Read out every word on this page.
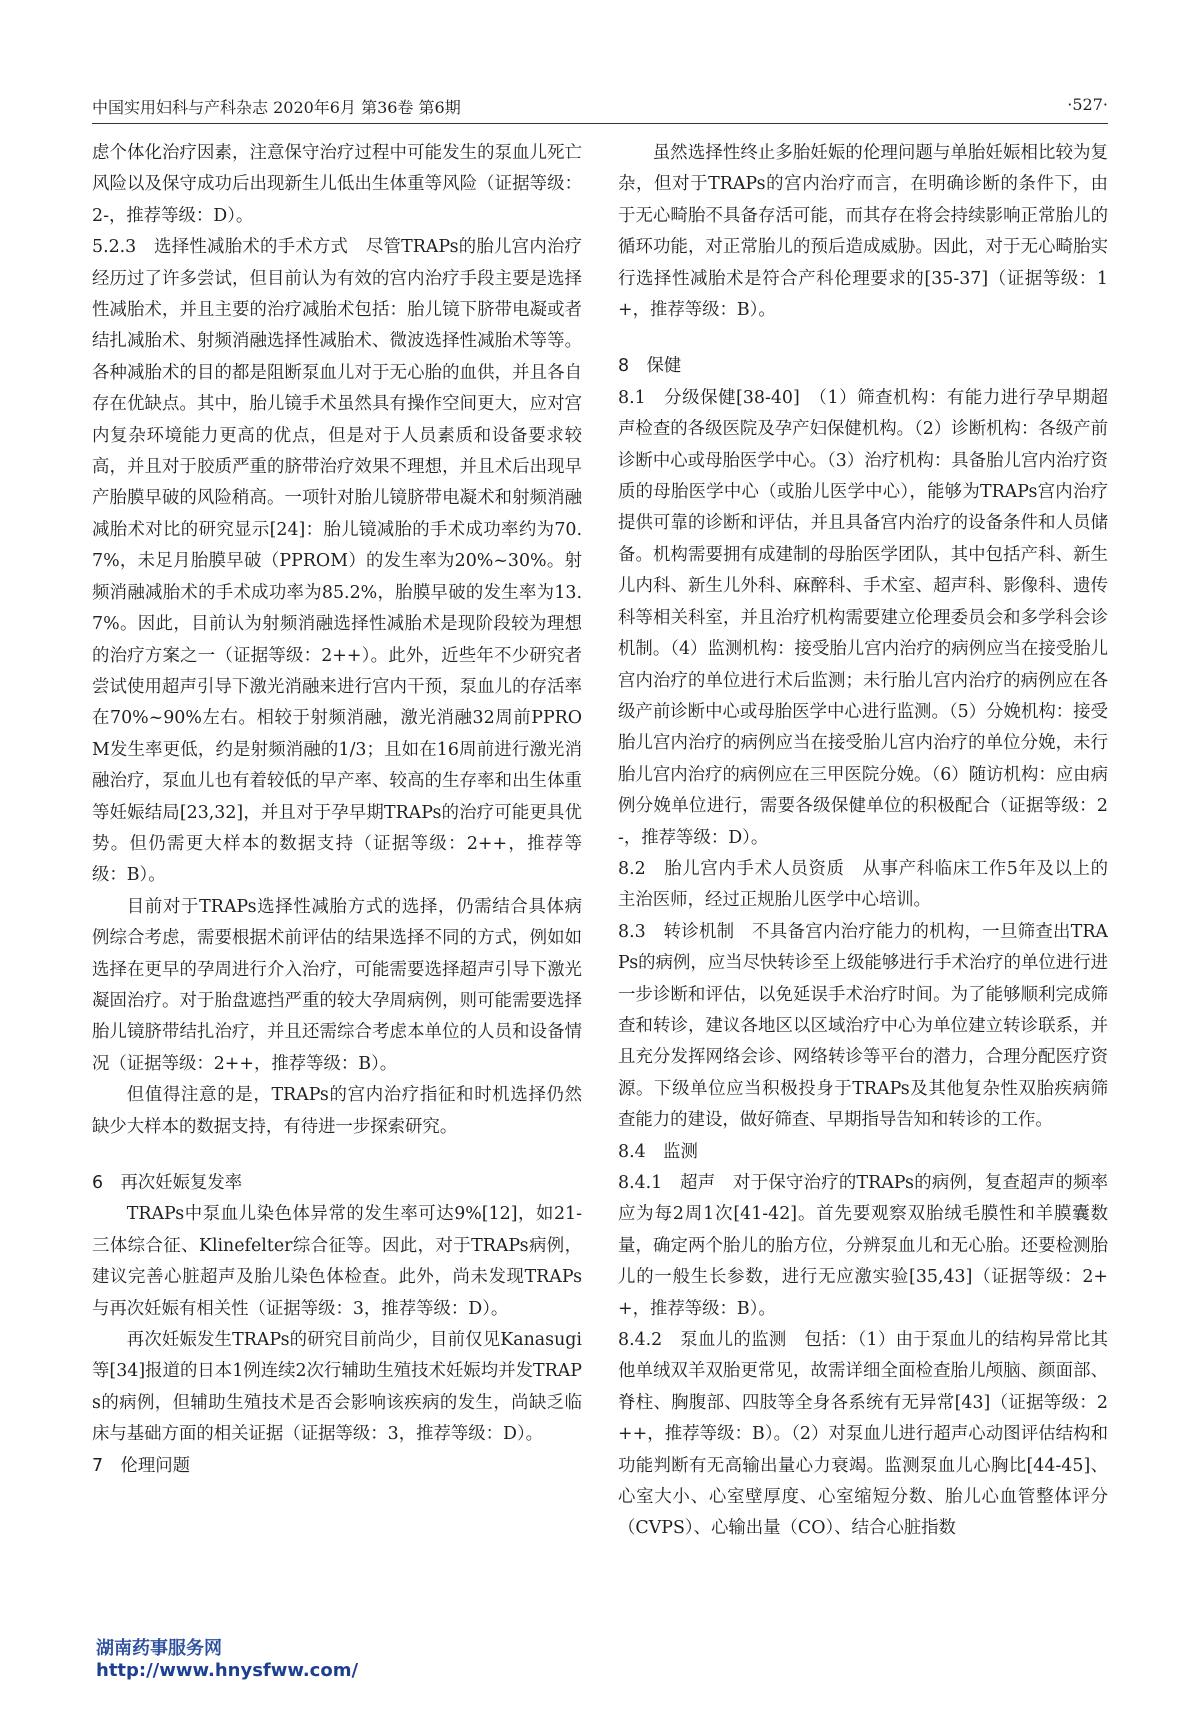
中国实用妇科与产科杂志 2020年6月 第36卷 第6期	·527·

虑个体化治疗因素，注意保守治疗过程中可能发生的泵血儿死亡风险以及保守成功后出现新生儿低出生体重等风险（证据等级：2-，推荐等级：D）。

5.2.3　选择性减胎术的手术方式　尽管TRAPs的胎儿宫内治疗经历过了许多尝试，但目前认为有效的宫内治疗手段主要是选择性减胎术，并且主要的治疗减胎术包括：胎儿镜下脐带电凝或者结扎减胎术、射频消融选择性减胎术、微波选择性减胎术等等。各种减胎术的目的都是阻断泵血儿对于无心胎的血供，并且各自存在优缺点。其中，胎儿镜手术虽然具有操作空间更大，应对宫内复杂环境能力更高的优点，但是对于人员素质和设备要求较高，并且对于胶质严重的脐带治疗效果不理想，并且术后出现早产胎膜早破的风险稍高。一项针对胎儿镜脐带电凝术和射频消融减胎术对比的研究显示[24]：胎儿镜减胎的手术成功率约为70.7%，未足月胎膜早破（PPROM）的发生率为20%~30%。射频消融减胎术的手术成功率为85.2%，胎膜早破的发生率为13.7%。因此，目前认为射频消融选择性减胎术是现阶段较为理想的治疗方案之一（证据等级：2++）。此外，近些年不少研究者尝试使用超声引导下激光消融来进行宫内干预，泵血儿的存活率在70%~90%左右。相较于射频消融，激光消融32周前PPROM发生率更低，约是射频消融的1/3；且如在16周前进行激光消融治疗，泵血儿也有着较低的早产率、较高的生存率和出生体重等妊娠结局[23,32]，并且对于孕早期TRAPs的治疗可能更具优势。但仍需更大样本的数据支持（证据等级：2++，推荐等级：B）。

目前对于TRAPs选择性减胎方式的选择，仍需结合具体病例综合考虑，需要根据术前评估的结果选择不同的方式，例如如选择在更早的孕周进行介入治疗，可能需要选择超声引导下激光凝固治疗。对于胎盘遮挡严重的较大孕周病例，则可能需要选择胎儿镜脐带结扎治疗，并且还需综合考虑本单位的人员和设备情况（证据等级：2++，推荐等级：B）。

但值得注意的是，TRAPs的宫内治疗指征和时机选择仍然缺少大样本的数据支持，有待进一步探索研究。

6　再次妊娠复发率

TRAPs中泵血儿染色体异常的发生率可达9%[12]，如21-三体综合征、Klinefelter综合征等。因此，对于TRAPs病例，建议完善心脏超声及胎儿染色体检查。此外，尚未发现TRAPs与再次妊娠有相关性（证据等级：3，推荐等级：D）。

再次妊娠发生TRAPs的研究目前尚少，目前仅见Kanasugi等[34]报道的日本1例连续2次行辅助生殖技术妊娠均并发TRAPs的病例，但辅助生殖技术是否会影响该疾病的发生，尚缺乏临床与基础方面的相关证据（证据等级：3，推荐等级：D）。

7　伦理问题

虽然选择性终止多胎妊娠的伦理问题与单胎妊娠相比较为复杂，但对于TRAPs的宫内治疗而言，在明确诊断的条件下，由于无心畸胎不具备存活可能，而其存在将会持续影响正常胎儿的循环功能，对正常胎儿的预后造成威胁。因此，对于无心畸胎实行选择性减胎术是符合产科伦理要求的[35-37]（证据等级：1+，推荐等级：B）。

8　保健

8.1　分级保健[38-40]　（1）筛查机构：有能力进行孕早期超声检查的各级医院及孕产妇保健机构。（2）诊断机构：各级产前诊断中心或母胎医学中心。（3）治疗机构：具备胎儿宫内治疗资质的母胎医学中心（或胎儿医学中心），能够为TRAPs宫内治疗提供可靠的诊断和评估，并且具备宫内治疗的设备条件和人员储备。机构需要拥有成建制的母胎医学团队，其中包括产科、新生儿内科、新生儿外科、麻醉科、手术室、超声科、影像科、遗传科等相关科室，并且治疗机构需要建立伦理委员会和多学科会诊机制。（4）监测机构：接受胎儿宫内治疗的病例应当在接受胎儿宫内治疗的单位进行术后监测；未行胎儿宫内治疗的病例应在各级产前诊断中心或母胎医学中心进行监测。（5）分娩机构：接受胎儿宫内治疗的病例应当在接受胎儿宫内治疗的单位分娩，未行胎儿宫内治疗的病例应在三甲医院分娩。（6）随访机构：应由病例分娩单位进行，需要各级保健单位的积极配合（证据等级：2-，推荐等级：D）。

8.2　胎儿宫内手术人员资质　从事产科临床工作5年及以上的主治医师，经过正规胎儿医学中心培训。

8.3　转诊机制　不具备宫内治疗能力的机构，一旦筛查出TRAPs的病例，应当尽快转诊至上级能够进行手术治疗的单位进行进一步诊断和评估，以免延误手术治疗时间。为了能够顺利完成筛查和转诊，建议各地区以区域治疗中心为单位建立转诊联系，并且充分发挥网络会诊、网络转诊等平台的潜力，合理分配医疗资源。下级单位应当积极投身于TRAPs及其他复杂性双胎疾病筛查能力的建设，做好筛查、早期指导告知和转诊的工作。

8.4　监测

8.4.1　超声　对于保守治疗的TRAPs的病例，复查超声的频率应为每2周1次[41-42]。首先要观察双胎绒毛膜性和羊膜囊数量，确定两个胎儿的胎方位，分辨泵血儿和无心胎。还要检测胎儿的一般生长参数，进行无应激实验[35,43]（证据等级：2++，推荐等级：B）。

8.4.2　泵血儿的监测　包括：（1）由于泵血儿的结构异常比其他单绒双羊双胎更常见，故需详细全面检查胎儿颅脑、颜面部、脊柱、胸腹部、四肢等全身各系统有无异常[43]（证据等级：2++，推荐等级：B）。（2）对泵血儿进行超声心动图评估结构和功能判断有无高输出量心力衰竭。监测泵血儿心胸比[44-45]、心室大小、心室壁厚度、心室缩短分数、胎儿心血管整体评分（CVPS）、心输出量（CO）、结合心脏指数

湖南药事服务网
http://www.hnysfww.com/
